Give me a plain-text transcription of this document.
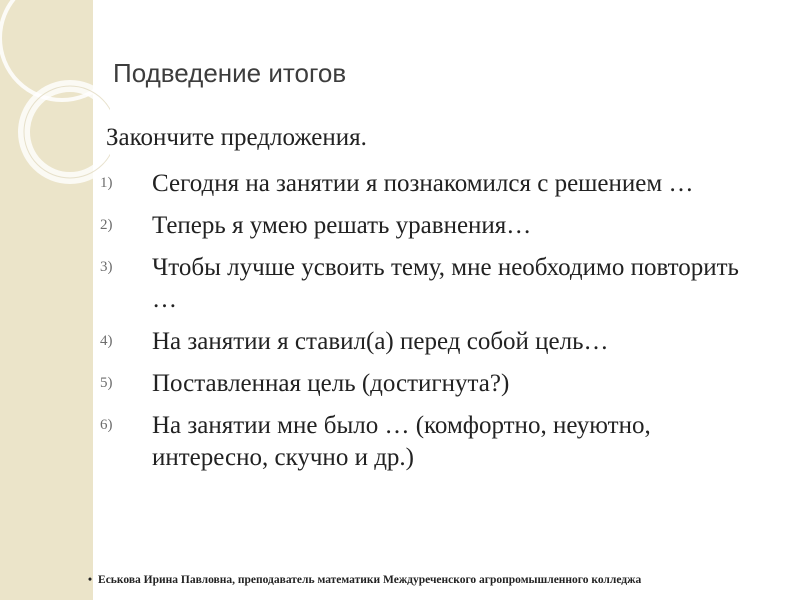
Подведение итогов
Закончите предложения.
1) Сегодня на занятии я познакомился с решением …
2) Теперь я умею решать уравнения…
3) Чтобы лучше усвоить тему, мне необходимо повторить …
4) На занятии я ставил(а) перед собой цель…
5) Поставленная цель (достигнута?)
6) На занятии мне было … (комфортно, неуютно, интересно, скучно и др.)
• Еськова Ирина Павловна, преподаватель математики Междуреченского агропромышленного колледжа
